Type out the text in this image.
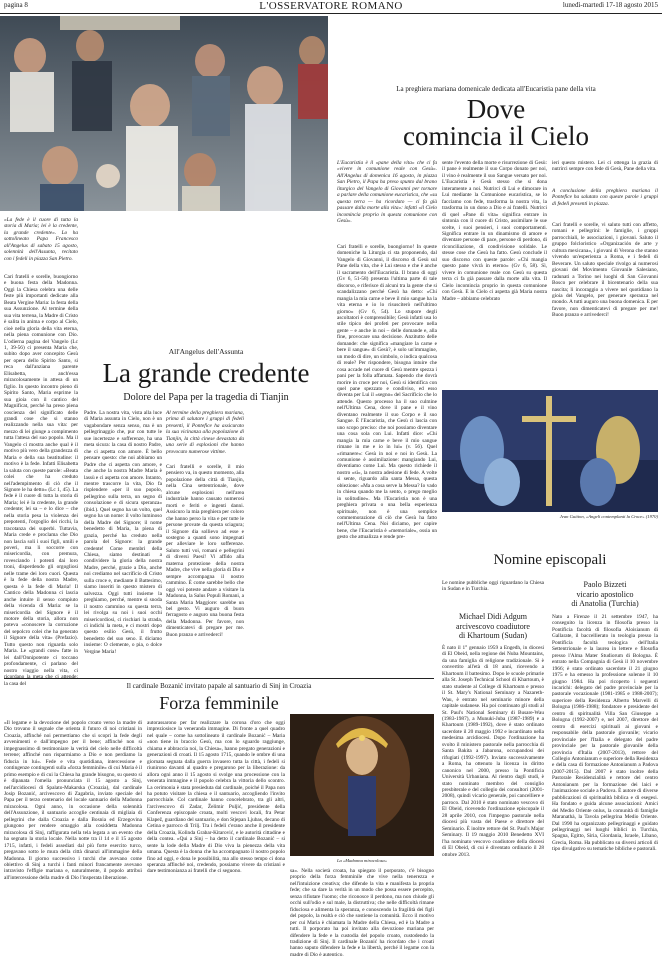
pagina 8	L'OSSERVATORE ROMANO	lunedì-martedì 17-18 agosto 2015
«La fede è il cuore di tutta la storia di Maria; lei è la credente, la grande credente». Lo ha sottolineato Papa Francesco all'Angelus di sabato 15 agosto, solennità dell'Assunta, recitato con i fedeli in piazza San Pietro.
Cari fratelli e sorelle, buongiorno e buona festa della Madonna. Oggi la Chiesa celebra una delle feste più importanti dedicate alla Beata Vergine Maria: la festa della sua Assunzione. Al termine della sua vita terrena, la Madre di Cristo è salita in anima e corpo al Cielo, cioè nella gloria della vita eterna, nella piena comunione con Dio. L'odierna pagina del Vangelo (Lc 1, 39-56) ci presenta Maria che, subito dopo aver concepito Gesù per opera dello Spirito Santo, si reca dall'anziana parente Elisabetta, anch'essa miracolosamente in attesa di un figlio. In questo incontro pieno di Spirito Santo, Maria esprime la sua gioia con il cantico del Magnificat, perché ha preso piena coscienza del significato delle grandi cose che si stanno realizzando nella sua vita: per mezzo di lei giunge a compimento tutta l'attesa del suo popolo. Ma il Vangelo ci mostra anche qual è il motivo più vero della grandezza di Maria e della sua beatitudine: il motivo è la fede. Infatti Elisabetta la saluta con queste parole: «Beata colei che ha creduto nell'adempimento di ciò che il Signore le ha detto» (Lc 1, 45). La fede è il cuore di tutta la storia di Maria; lei è la credente, la grande credente; lei sa – e lo dice – che nella storia pesa la violenza dei prepotenti, l'orgoglio dei ricchi, la tracotanza dei superbi. Tuttavia, Maria crede e proclama che Dio non lascia soli i suoi figli, umili e poveri, ma li soccorre con misericordia, con premura, rovesciando i potenti dai loro troni, disperdendo gli orgogliosi nelle trame dei loro cuori. Questa è la fede della nostra Madre, questa è la fede di Maria! Il Cantico della Madonna ci lascia anche intuire il senso compiuto della vicenda di Maria: se la misericordia del Signore è il motore della storia, allora non poteva «conoscere la corruzione del sepolcro colei che ha generato il Signore della vita» (Prefazio). Tutto questo non riguarda solo Maria. Le «grandi cose» fatte in lei dall'Onnipotente ci toccano profondamente, ci parlano del nostro viaggio nella vita, ci la casa del
All'Angelus dell'Assunta
La grande credente
Dolore del Papa per la tragedia di Tianjin
Padre. La nostra vita, vista alla luce di Maria assunta in Cielo, non è un vagabondare senza senso, ma è un pellegrinaggio che, pur con tutte le sue incertezze e sofferenze, ha una meta sicura: la casa di nostro Padre, che ci aspetta con amore. È bello pensare questo: che noi abbiamo un Padre che ci aspetta con amore, e che anche la nostra Madre Maria è lassù e ci aspetta con amore. Intanto, mentre trascorre la vita, Dio fa risplendere «per il suo popolo, pellegrino sulla terra, un segno di consolazione e di sicura speranza» (ibid.). Quel segno ha un volto, quel segno ha un nome: il volto luminoso della Madre del Signore; il nome benedetto di Maria, la piena di grazia, perché ha creduto nella parola del Signore: la grande credente! Come membri della Chiesa, siamo destinati a condividere la gloria della nostra Madre, perché, grazie a Dio, anche noi crediamo nel sacrificio di Cristo sulla croce e, mediante il Battesimo, siamo inseriti in questo mistero di salvezza. Oggi tutti insieme la preghiamo, perché, mentre si snoda il nostro cammino su questa terra, lei rivolga su noi i suoi occhi misericordiosi, ci rischiari la strada, ci indichi la meta, e ci mostri dopo questo esilio Gesù, il frutto benedetto del suo seno. E diciamo insieme: O clemente, o pia, o dolce Vergine Maria!
Al termine della preghiera mariana, prima di salutare i gruppi di fedeli presenti, il Pontefice ha assicurato la sua vicinanza alla popolazione di Tianjin, la città cinese devastata da una serie di esplosioni che hanno provocato numerose vittime.
Cari fratelli e sorelle, il mio pensiero va, in questo momento, alla popolazione della città di Tianjin, nella Cina settentrionale, dove alcune esplosioni nell'area industriale hanno causato numerosi morti e feriti e ingenti danni. Assicuro la mia preghiera per coloro che hanno perso la vita e per tutte le persone provate da questa sciagura; il Signore dia sollievo ad esse e sostegno a quanti sono impegnati per alleviare le loro sofferenze. Saluto tutti voi, romani e pellegrini di diversi Paesi! Vi affido alla materna protezione della nostra Madre, che vive nella gloria di Dio e sempre accompagna il nostro cammino. È come sarebbe bello che oggi voi poteste andare a visitare la Madonna, la Salus Populi Romani, a Santa Maria Maggiore: sarebbe un bel gesto. Vi auguro di buon ferragosto e auguro una buona festa della Madonna. Per favore, non dimenticatevi di pregare per me. Buon pranzo e arrivederci!
La preghiera mariana domenicale dedicata all'Eucaristia pane della vita
Dove
comincia il Cielo
L'Eucaristia è il «pane della vita» che ci fa «vivere in comunione reale con Gesù». All'Angelus di domenica 16 agosto, in piazza San Pietro, il Papa ha preso spunto dal brano liturgico del Vangelo di Giovanni per tornare a parlare della comunione eucaristica, che «su questa terra — ha ricordato — ci fa già passare dalla morte alla vita»: infatti «il Cielo incomincia proprio in questa comunione con Gesù».
Cari fratelli e sorelle, buongiorno! In queste domeniche la Liturgia ci sta proponendo, dal Vangelo di Giovanni, il discorso di Gesù sul Pane della vita, che è Lui stesso e che è anche il sacramento dell'Eucaristia. Il brano di oggi (Gv 6, 51-58) presenta l'ultima parte di tale discorso, e riferisce di alcuni tra la gente che si scandalizzano perché Gesù ha detto: «Chi mangia la mia carne e beve il mio sangue ha la vita eterna e io lo risusciterò nell'ultimo giorno» (Gv 6, 54). Lo stupore degli ascoltatori è comprensibile; Gesù infatti usa lo stile tipico dei profeti per provocare nella gente – e anche in noi – delle domande e, alla fine, provocare una decisione. Anzitutto delle domande: che significa «mangiare la carne e bere il sangue» di Gesù?, è solo un'immagine, un modo di dire, un simbolo, o indica qualcosa di reale? Per rispondere, bisogna intuire che cosa accade nel cuore di Gesù mentre spezza i pani per la folla affamata. Sapendo che dovrà morire in croce per noi, Gesù si identifica con quel pane spezzato e condiviso, ed esso diventa per Lui il «segno» del Sacrificio che lo attende. Questo processo ha il suo culmine nell'Ultima Cena, dove il pane e il vino diventano realmente il suo Corpo e il suo Sangue. È l'Eucaristia, che Gesù ci lascia con uno scopo preciso: che noi possiamo diventare una cosa sola con Lui. Infatti dice: «Chi mangia la mia carne e beve il mio sangue rimane in me e io in lui» (v. 56). Quel «rimanere»: Gesù in noi e noi in Gesù. La comunione è assimilazione: mangiando Lui, diventiamo come Lui. Ma questo richiede il nostro «sì», la nostra adesione di fede. A volte si sente, riguardo alla santa Messa, questa obiezione: «Ma a cosa serve la Messa? Io vado in chiesa quando me la sento, o prego meglio in solitudine». Ma l'Eucaristia non è una preghiera privata o una bella esperienza spirituale, non è una semplice commemorazione di ciò che Gesù ha fatto nell'Ultima Cena. Noi diciamo, per capire bene, che l'Eucaristia è «memoriale», ossia un gesto che attualizza e rende pre-
sente l'evento della morte e risurrezione di Gesù: il pane è realmente il suo Corpo donato per noi, il vino è realmente il suo Sangue versato per noi. L'Eucaristia è Gesù stesso che si dona interamente a noi. Nutrirci di Lui e dimorare in Lui mediante la Comunione eucaristica, se lo facciamo con fede, trasforma la nostra vita, la trasforma in un dono a Dio e ai fratelli. Nutrirci di quel «Pane di vita» significa entrare in sintonia con il cuore di Cristo, assimilare le sue scelte, i suoi pensieri, i suoi comportamenti. Significa entrare in un dinamismo di amore e diventare persone di pace, persone di perdono, di riconciliazione, di condivisione solidale. Le stesse cose che Gesù ha fatto. Gesù conclude il suo discorso con queste parole: «Chi mangia questo pane vivrà in eterno» (Gv 6, 58). Sì, vivere in comunione reale con Gesù su questa terra ci fa già passare dalla morte alla vita. Il Cielo incomincia proprio in questa comunione con Gesù. E in Cielo ci aspetta già Maria nostra Madre – abbiamo celebrato
ieri questo mistero. Lei ci ottenga la grazia di nutrirci sempre con fede di Gesù, Pane della vita.
A conclusione della preghiera mariana il Pontefice ha salutato con queste parole i gruppi di fedeli presenti in piazza.
Cari fratelli e sorelle, vi saluto tutti con affetto, romani e pellegrini: le famiglie, i gruppi parrocchiali, le associazioni, i giovani. Saluto il gruppo folcloristico «Organización de arte y cultura mexicana», i giovani di Verona che stanno vivendo un'esperienza a Roma, e i fedeli di Beverare. Un saluto speciale rivolgo ai numerosi giovani del Movimento Giovanile Salesiano, radunati a Torino nei luoghi di San Giovanni Bosco per celebrare il bicentenario della sua nascita; li incoraggio a vivere nel quotidiano la gioia del Vangelo, per generare speranza nel mondo. A tutti auguro una buona domenica. E per favore, non dimenticatevi di pregare per me! Buon pranzo e arrivederci!
Jean Guitton, «Angeli contemplanti la Croce» (1970)
Nomine episcopali
Le nomine pubbliche oggi riguardano la Chiesa in Sudan e in Turchia.
Michael Didi Adgum
arcivescovo coadiutore
di Khartoum (Sudan)
È nato il 1° gennaio 1959 a Engedh, in diocesi di El Obeid, nella regione dei Nuba Mountains, da una famiglia di religione tradizionale. Si è convertito all'età di 18 anni, ricevendo a Khartoum il battesimo. Dopo le scuole primarie alla St. Joseph Technical School di Khartoum, è stato studente al College di Khartoum e presso il St. Mary's National Seminary a Nazareth-Wau, è entrato nel seminario minore della capitale sudanese. Ha poi continuato gli studi al St. Paul's National Seminary di Busare-Wau (1983-1987), a Munuki-Juba (1987-1989) e a Khartoum (1989-1992), dove è stato ordinato sacerdote il 20 maggio 1992 e incardinato nella medesima arcidiocesi. Dopo l'ordinazione ha svolto il ministero pastorale nella parrocchia di Santa Bakita a Jabarona, occupandosi dei rifugiati (1992-1997). Inviato successivamente a Roma, ha ottenuto la licenza in diritto canonico nel 2000, presso la Pontificia Università Urbaniana. Al rientro dagli studi, è stato nominato membro del consiglio presbiterale e del collegio dei consultori (2001-2008), quindi vicario generale, poi cancelliere e parroco. Dal 2010 è stato nominato vescovo di El Obeid, ricevendo l'ordinazione episcopale il 28 aprile 2010, con l'impegno pastorale nella diocesi più vasta del Paese e direttore del Seminario. È inoltre rettore del St. Paul's Major Seminary. Il 19 maggio 2010 Benedetto XVI l'ha nominato vescovo coadiutore della diocesi di El Obeid, di cui è diventato ordinario il 28 ottobre 2013.
Paolo Bizzeti
vicario apostolico
di Anatolia (Turchia)
Nato a Firenze il 21 settembre 1947, ha conseguito la licenza in filosofia presso la Pontificia facoltà di filosofia Aloisianum di Gallarate, il baccellierato in teologia presso la Pontificia facoltà teologica dell'Italia Settentrionale e la laurea in lettere e filosofia presso l'Alma Mater Studiorum di Bologna. È entrato nella Compagnia di Gesù il 10 novembre 1966; è stato ordinato sacerdote il 21 giugno 1975 e ha emesso la professione solenne il 10 giugno 1984. Ha poi ricoperto i seguenti incarichi: delegato del padre provinciale per la pastorale vocazionale (1981-1985 e 1988-2007); superiore della Residenza Alberto Marvelli di Bologna (1986-1988); fondatore e presidente del centro di spiritualità Villa San Giuseppe a Bologna (1992-2007) e, nel 2007, direttore del centro di esercizi spirituali ai giovani e responsabile della pastorale giovanile; vicario provinciale per l'Italia e delegato del padre provinciale per la pastorale giovanile della provincia d'Italia (2007-2013), rettore del Collegio Antonianum e superiore della Residenza e della casa di formazione Antonianum a Padova (2007-2015). Dal 2007 è stato inoltre della Pastorale Residenzialità e rettore del centro Antonianum per la formazione dei laici e l'animazione sociale a Padova. È autore di diverse pubblicazioni di spiritualità biblica e di esegesi. Ha fondato e guida alcune associazioni: Amici del Medio Oriente onlus, la comunità di famiglie Maranathà, la Tavola pellegrina Medio Oriente. Dal 1990 ha organizzato pellegrinaggi e guidato pellegrinaggi nei luoghi biblici in Turchia, Spagna, Egitto, Siria, Giordania, Israele, Libano, Grecia, Roma. Ha pubblicato su diversi articoli di tipo divulgativo su tematiche bibliche e pastorali.
Il cardinale Bozanić invitato papale al santuario di Sinj in Croazia
Forza femminile
«Il legame e la devozione del popolo croato verso la madre di Dio trovano il segnale che orienta il futuro di noi cristiani in Croazia, affinché noi permettiamo che si scopri la fede degli avvenimenti e dall'impegno per il bene; affinché non si impegnassimo di testimoniare la verità del cielo nelle difficoltà terrene; affinché non risparmiamo a Dio e non perdiamo la fiducia in lui». Fede e vita quotidiana, intercessione e contingenze contingenti sulla «forza femminile» di cui Maria è il primo esempio e di cui la Chiesa ha grande bisogno, su questo si è dipanata l'omelia pronunciata il 15 agosto a Sinj, nell'arcidiocesi di Spalato-Makarska (Croazia), dal cardinale Josip Bozanić, arcivescovo di Zagabria, inviato speciale del Papa per il terzo centenario del locale santuario della Madonna miracolosa. Ogni anno, in occasione della solennità dell'Assunzione, il santuario accoglie centinaia di migliaia di pellegrini che dalla Croazia e dalla Bosnia ed Erzegovina giungono per rendere omaggio alla cosiddetta Madonna miracolosa di Sinj, raffigurata nella tela legata a un evento che ha segnato la storia locale. Nella notte tra il 14 e il 15 agosto 1715, infatti, i fedeli assediati dal più forte esercito turco, pregavano sotto le mura della città dinanzi all'immagine della Madonna. Il giorno successivo i turchi che avevano come obiettivo di Sinj a turchi i fanti minori francamente avevano intravisto l'effigie mariana e, naturalmente, il popolo attribuì all'intercessione della madre di Dio l'insperata liberazione.
autorassarono per far realizzare la corona d'oro che oggi impreziosisce la veneranda immagine. Di fronte a quel quadro nel quale – come ha sottolineato il cardinale Bozanić – Maria «non tiene in braccio Gesù, ma con lo sguardo raggiunge, chiama e abbraccia noi, la Chiesa», hanno pregato generazioni e generazioni di croati. Il 15 agosto 1715, quando le ombre di una giornata segnata dalla guerra invasero tutta la città, i fedeli si riunirono davanti al quadro e pregarono per la liberazione: da allora ogni anno il 15 agosto si svolge una processione con la venerata immagine e il popolo celebra la vittoria dello scontro. La cerimonia è stata presieduta dal cardinale, poiché il Papa non ha potuto visitare la chiesa e il santuario, accogliendo l'invito parrocchiale. Col cardinale hanno concelebrato, tra gli altri, l'arcivescovo di Zadar, Želimir Puljić, presidente della Conferenza episcopale croata, molti vescovi locali, fra Petar Klapež, guardiano del santuario, e don Stjepan Ljubas, decano di Cetina e parroco di Trilj. Tra i fedeli c'erano anche il presidente della Croazia, Kolinda Grabar-Kitarović, e le autorità cittadine e della contea. «Qui a Sinj – ha detto il cardinale Bozanić – si sente la lode della Madre di Dio viva la pienezza della vita umana. Questa è la donna che ha accompagnato il nostro popolo fino ad oggi, e dona le possibilità, ma allo stesso tempo ci dona speranza affinché noi, credendo, possiamo vivere da cristiani e dare testimonianza ai fratelli che ci seguono.
La «Madonna miracolosa»
sa». Nella società croata, ha spiegato il porporato, c'è bisogno proprio della forza femminile che vive nella tenerezza e nell'intuizione creativa; che difende la vita e manifesta la propria fede; che sa dare la verità in un modo che possa essere percepito, senza rifiutare l'uomo; che riconosce il perdono, ma non chiude gli occhi sull'odio e sul male, la distruttiva; che nelle difficoltà rimane fiduciosa e alimenta la speranza, e conoscendo la fragilità dei figli del popolo, la realtà e ciò che sostiene la comunità. Ecco il motivo per cui Maria è chiamata la Madre della Chiesa, ed è la Madre a tutti. Il porporato ha poi invitato alla devozione mariana per difendere la fede e la custodia del popolo croato, custodendo la tradizione di Sinj. Il cardinale Bozanić ha ricordato che i croati hanno saputo difendere la fede e la libertà, perché il legame con la madre di Dio è autentico.
